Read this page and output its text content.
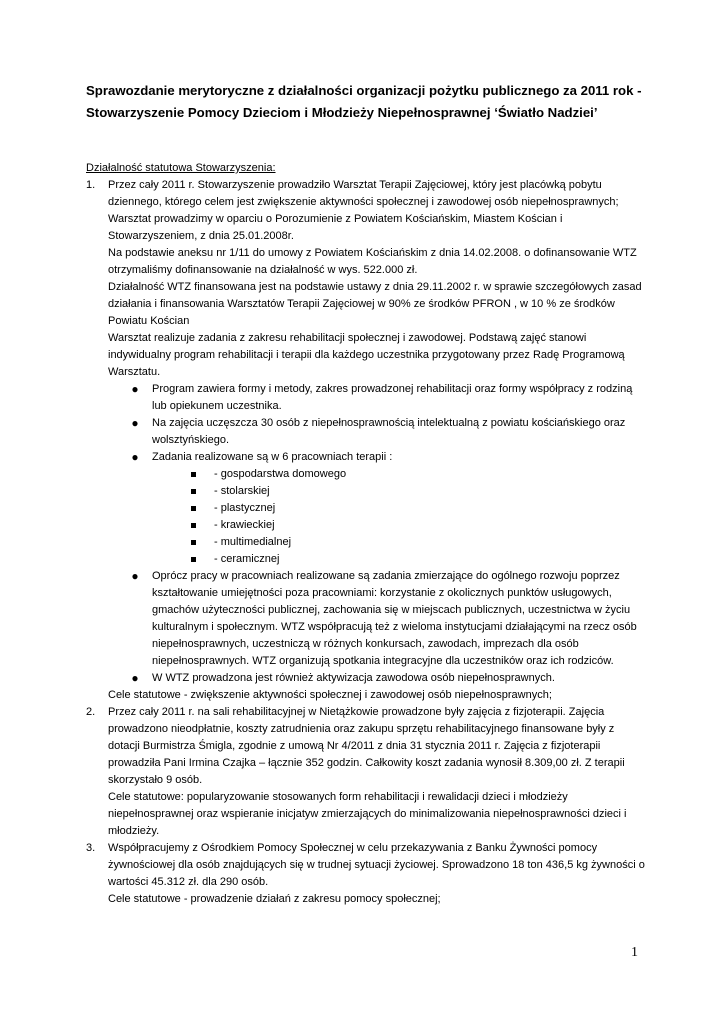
Sprawozdanie merytoryczne z działalności organizacji pożytku publicznego za 2011 rok - Stowarzyszenie Pomocy Dzieciom i Młodzieży Niepełnosprawnej ‘Światło Nadziei’
Działalność statutowa Stowarzyszenia:
1. Przez cały 2011 r. Stowarzyszenie prowadziło Warsztat Terapii Zajęciowej, który jest placówką pobytu dziennego, którego celem jest zwiększenie aktywności społecznej i zawodowej osób niepełnosprawnych;

Warsztat prowadzimy w oparciu o Porozumienie z Powiatem Kościańskim, Miastem Kościan i Stowarzyszeniem, z dnia 25.01.2008r.

Na podstawie aneksu nr 1/11 do umowy z Powiatem Kościańskim z dnia 14.02.2008. o dofinansowanie WTZ otrzymaliśmy dofinansowanie na działalność w wys. 522.000 zł.

Działalność WTZ finansowana jest na podstawie ustawy z dnia 29.11.2002 r. w sprawie szczegółowych zasad działania i finansowania Warsztatów Terapii Zajęciowej w 90% ze środków PFRON , w 10 % ze środków Powiatu Kościan

Warsztat realizuje zadania z zakresu rehabilitacji społecznej i zawodowej. Podstawą zajęć stanowi indywidualny program rehabilitacji i terapii dla każdego uczestnika przygotowany przez Radę Programową Warsztatu.

●	Program zawiera formy i metody, zakres prowadzonej rehabilitacji oraz formy współpracy z rodziną lub opiekunem uczestnika.
●	Na zajęcia uczęszcza 30 osób z niepełnosprawnością intelektualną z powiatu kościańskiego oraz wolsztyńskiego.
●	Zadania realizowane są w 6 pracowniach terapii :
- gospodarstwa domowego
- stolarskiej
- plastycznej
- krawieckiej
- multimedialnej
- ceramicznej
●	Oprócz pracy w pracowniach realizowane są zadania zmierzające do ogólnego rozwoju poprzez kształtowanie umiejętności poza pracowniami: korzystanie z okolicznych punktów usługowych, gmachów użyteczności publicznej, zachowania się w miejscach publicznych, uczestnictwa w życiu kulturalnym i społecznym. WTZ współpracują też z wieloma instytucjami działającymi na rzecz osób niepełnosprawnych, uczestniczą w różnych konkursach, zawodach, imprezach dla osób niepełnosprawnych. WTZ organizują spotkania integracyjne dla uczestników oraz ich rodziców.
●	W WTZ prowadzona jest również aktywizacja zawodowa osób niepełnosprawnych.

Cele statutowe - zwiększenie aktywności społecznej i zawodowej osób niepełnosprawnych;

2. Przez cały 2011 r. na sali rehabilitacyjnej w Nietążkowie prowadzone były zajęcia z fizjoterapii. Zajęcia prowadzono nieodpłatnie, koszty zatrudnienia oraz zakupu sprzętu rehabilitacyjnego finansowane były z dotacji Burmistrza Śmigla, zgodnie z umową Nr 4/2011 z dnia 31 stycznia 2011 r. Zajęcia z fizjoterapii prowadziła Pani Irmina Czajka – łącznie 352 godzin. Całkowity koszt zadania wynosił 8.309,00 zł. Z terapii skorzystało 9 osób.

Cele statutowe: popularyzowanie stosowanych form rehabilitacji i rewalidacji dzieci i młodzieży niepełnosprawnej oraz wspieranie inicjatyw zmierzających do minimalizowania niepełnosprawności dzieci i młodzieży.

3. Współpracujemy z Ośrodkiem Pomocy Społecznej w celu przekazywania z Banku Żywności pomocy żywnościowej dla osób znajdujących się w trudnej sytuacji życiowej. Sprowadzono 18 ton 436,5 kg żywności o wartości 45.312 zł. dla 290 osób.

Cele statutowe - prowadzenie działań z zakresu pomocy społecznej;

1
